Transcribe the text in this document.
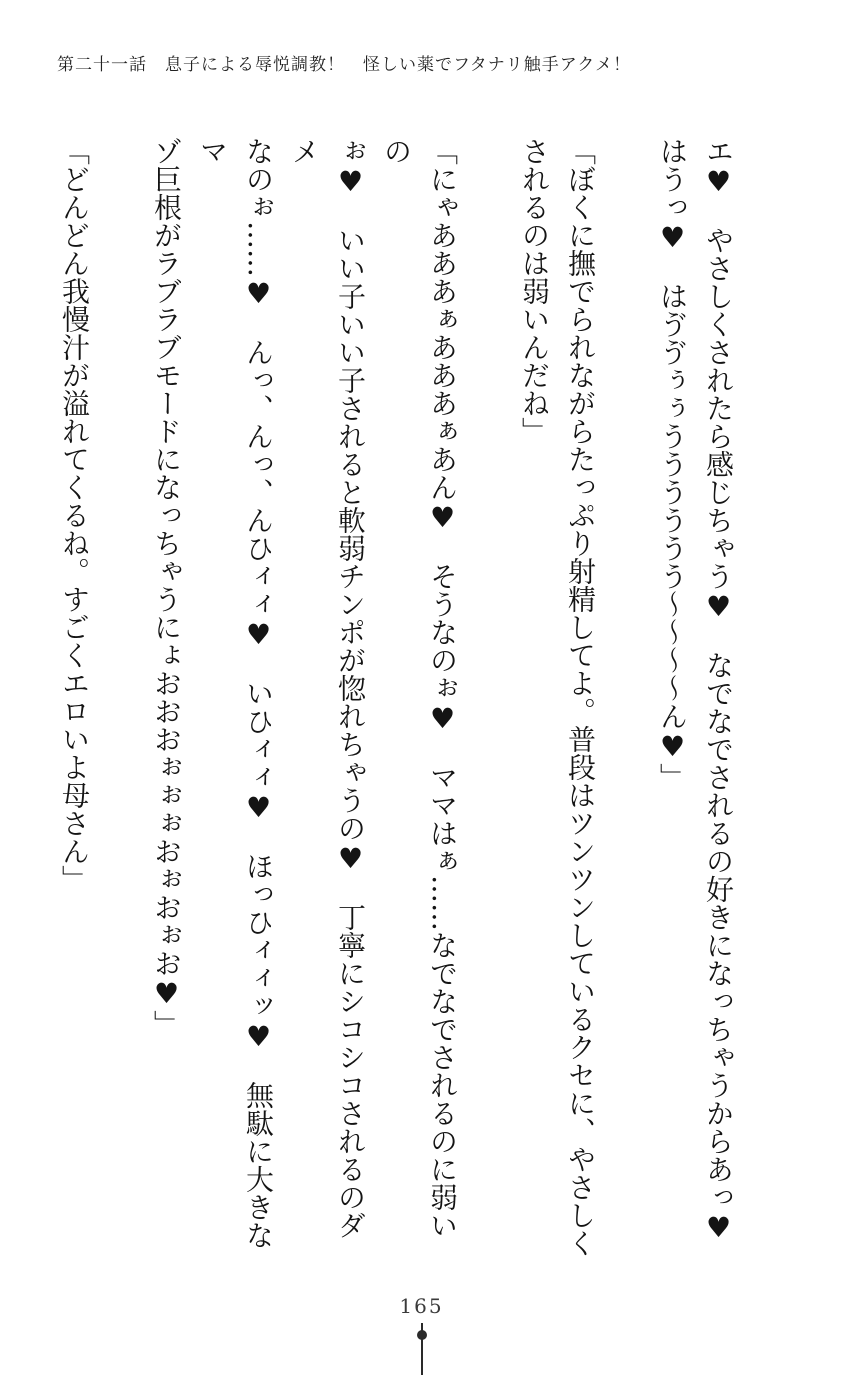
第二十一話　息子による辱悦調教！　怪しい薬でフタナリ触手アクメ！

エ♥　やさしくされたら感じちゃう♥　なでなでされるの好きになっちゃうからあっ♥
はうっ♥　はゔゔぅぅうううううう〜〜〜〜ん♥」

「ぼくに撫でられながらたっぷり射精してよ。普段はツンツンしているクセに、やさしく
されるのは弱いんだね」

「にゃあああぁあああぁあん♥　そうなのぉ♥　ママはぁ……なでなでされるのに弱いの
ぉ♥　いい子いい子されると軟弱チンポが惚れちゃうの♥　丁寧にシコシコされるのダメ
なのぉ……♥　んっ、んっ、んひィィ♥　いひィィ♥　ほっひィィッ♥　無駄に大きなマ
ゾ巨根がラブラブモードになっちゃうにょおおおぉぉぉおぉおぉお♥」

「どんどん我慢汁が溢れてくるね。すごくエロいよ母さん」

165
